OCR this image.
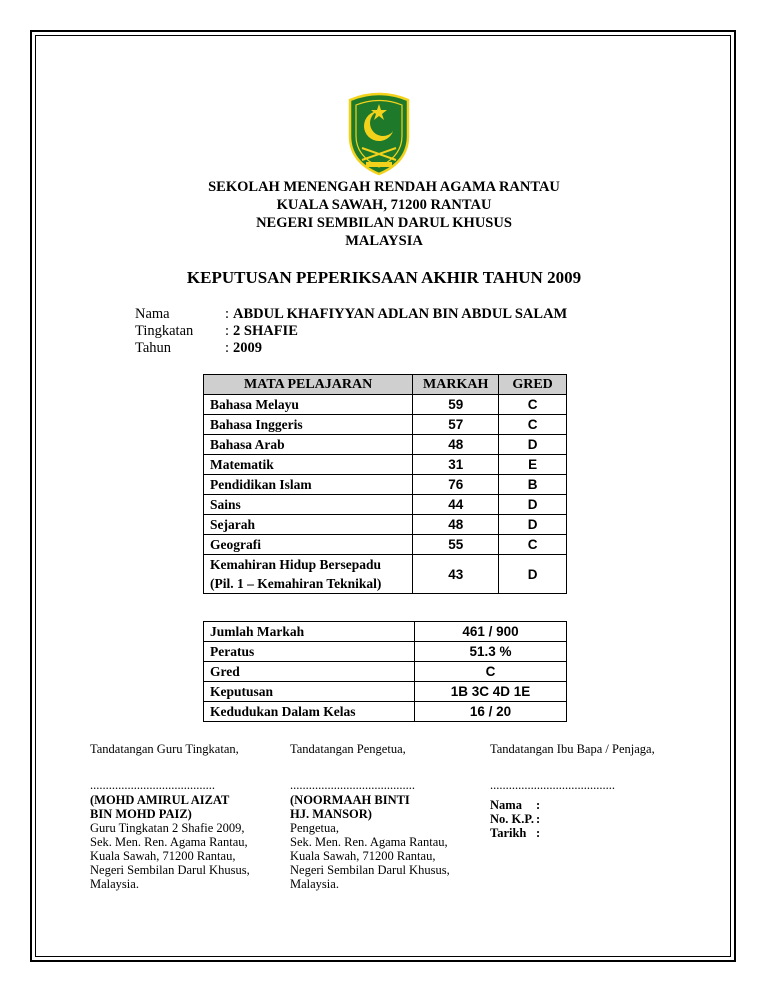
SEKOLAH MENENGAH RENDAH AGAMA RANTAU
KUALA SAWAH, 71200 RANTAU
NEGERI SEMBILAN DARUL KHUSUS
MALAYSIA
KEPUTUSAN PEPERIKSAAN AKHIR TAHUN 2009
Nama	: ABDUL KHAFIYYAN ADLAN BIN ABDUL SALAM
Tingkatan	: 2 SHAFIE
Tahun	: 2009
MATA PELAJARAN	MARKAH	GRED
Bahasa Melayu	59	C
Bahasa Inggeris	57	C
Bahasa Arab	48	D
Matematik	31	E
Pendidikan Islam	76	B
Sains	44	D
Sejarah	48	D
Geografi	55	C

Kemahiran Hidup Bersepadu
(Pil. 1 – Kemahiran Teknikal)	43	D
Jumlah Markah	461 / 900
Peratus	51.3 %
Gred	C
Keputusan	1B 3C 4D 1E
Kedudukan Dalam Kelas	16 / 20
Tandatangan Guru Tingkatan,
........................................
(MOHD AMIRUL AIZAT
BIN MOHD PAIZ)
Guru Tingkatan 2 Shafie 2009,
Sek. Men. Ren. Agama Rantau,
Kuala Sawah, 71200 Rantau,
Negeri Sembilan Darul Khusus,
Malaysia.
Tandatangan Pengetua,
........................................
(NOORMAAH BINTI
HJ. MANSOR)
Pengetua,
Sek. Men. Ren. Agama Rantau,
Kuala Sawah, 71200 Rantau,
Negeri Sembilan Darul Khusus,
Malaysia.
Tandatangan Ibu Bapa / Penjaga,
........................................
Nama	:
No. K.P. :
Tarikh :
